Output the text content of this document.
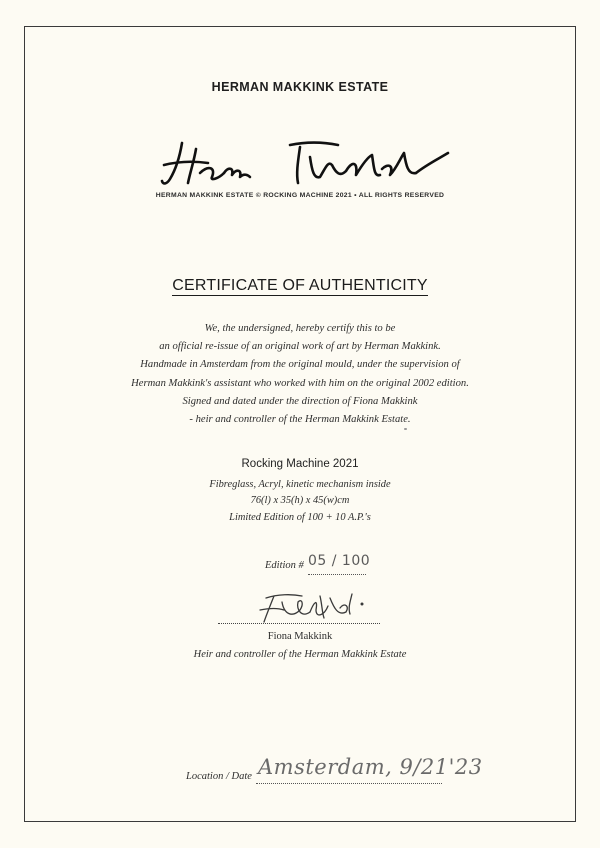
HERMAN MAKKINK ESTATE
HERMAN MAKKINK ESTATE © ROCKING MACHINE 2021 • ALL RIGHTS RESERVED
CERTIFICATE OF AUTHENTICITY
We, the undersigned, hereby certify this to be
an official re-issue of an original work of art by Herman Makkink.
Handmade in Amsterdam from the original mould, under the supervision of
Herman Makkink's assistant who worked with him on the original 2002 edition.
Signed and dated under the direction of Fiona Makkink
- heir and controller of the Herman Makkink Estate.
Rocking Machine 2021
Fibreglass, Acryl, kinetic mechanism inside
76(l) x 35(h) x 45(w)cm
Limited Edition of 100 + 10 A.P.'s
Edition # 05 / 100
Fiona Makkink
Heir and controller of the Herman Makkink Estate
Location / Date Amsterdam, 9/21'23
